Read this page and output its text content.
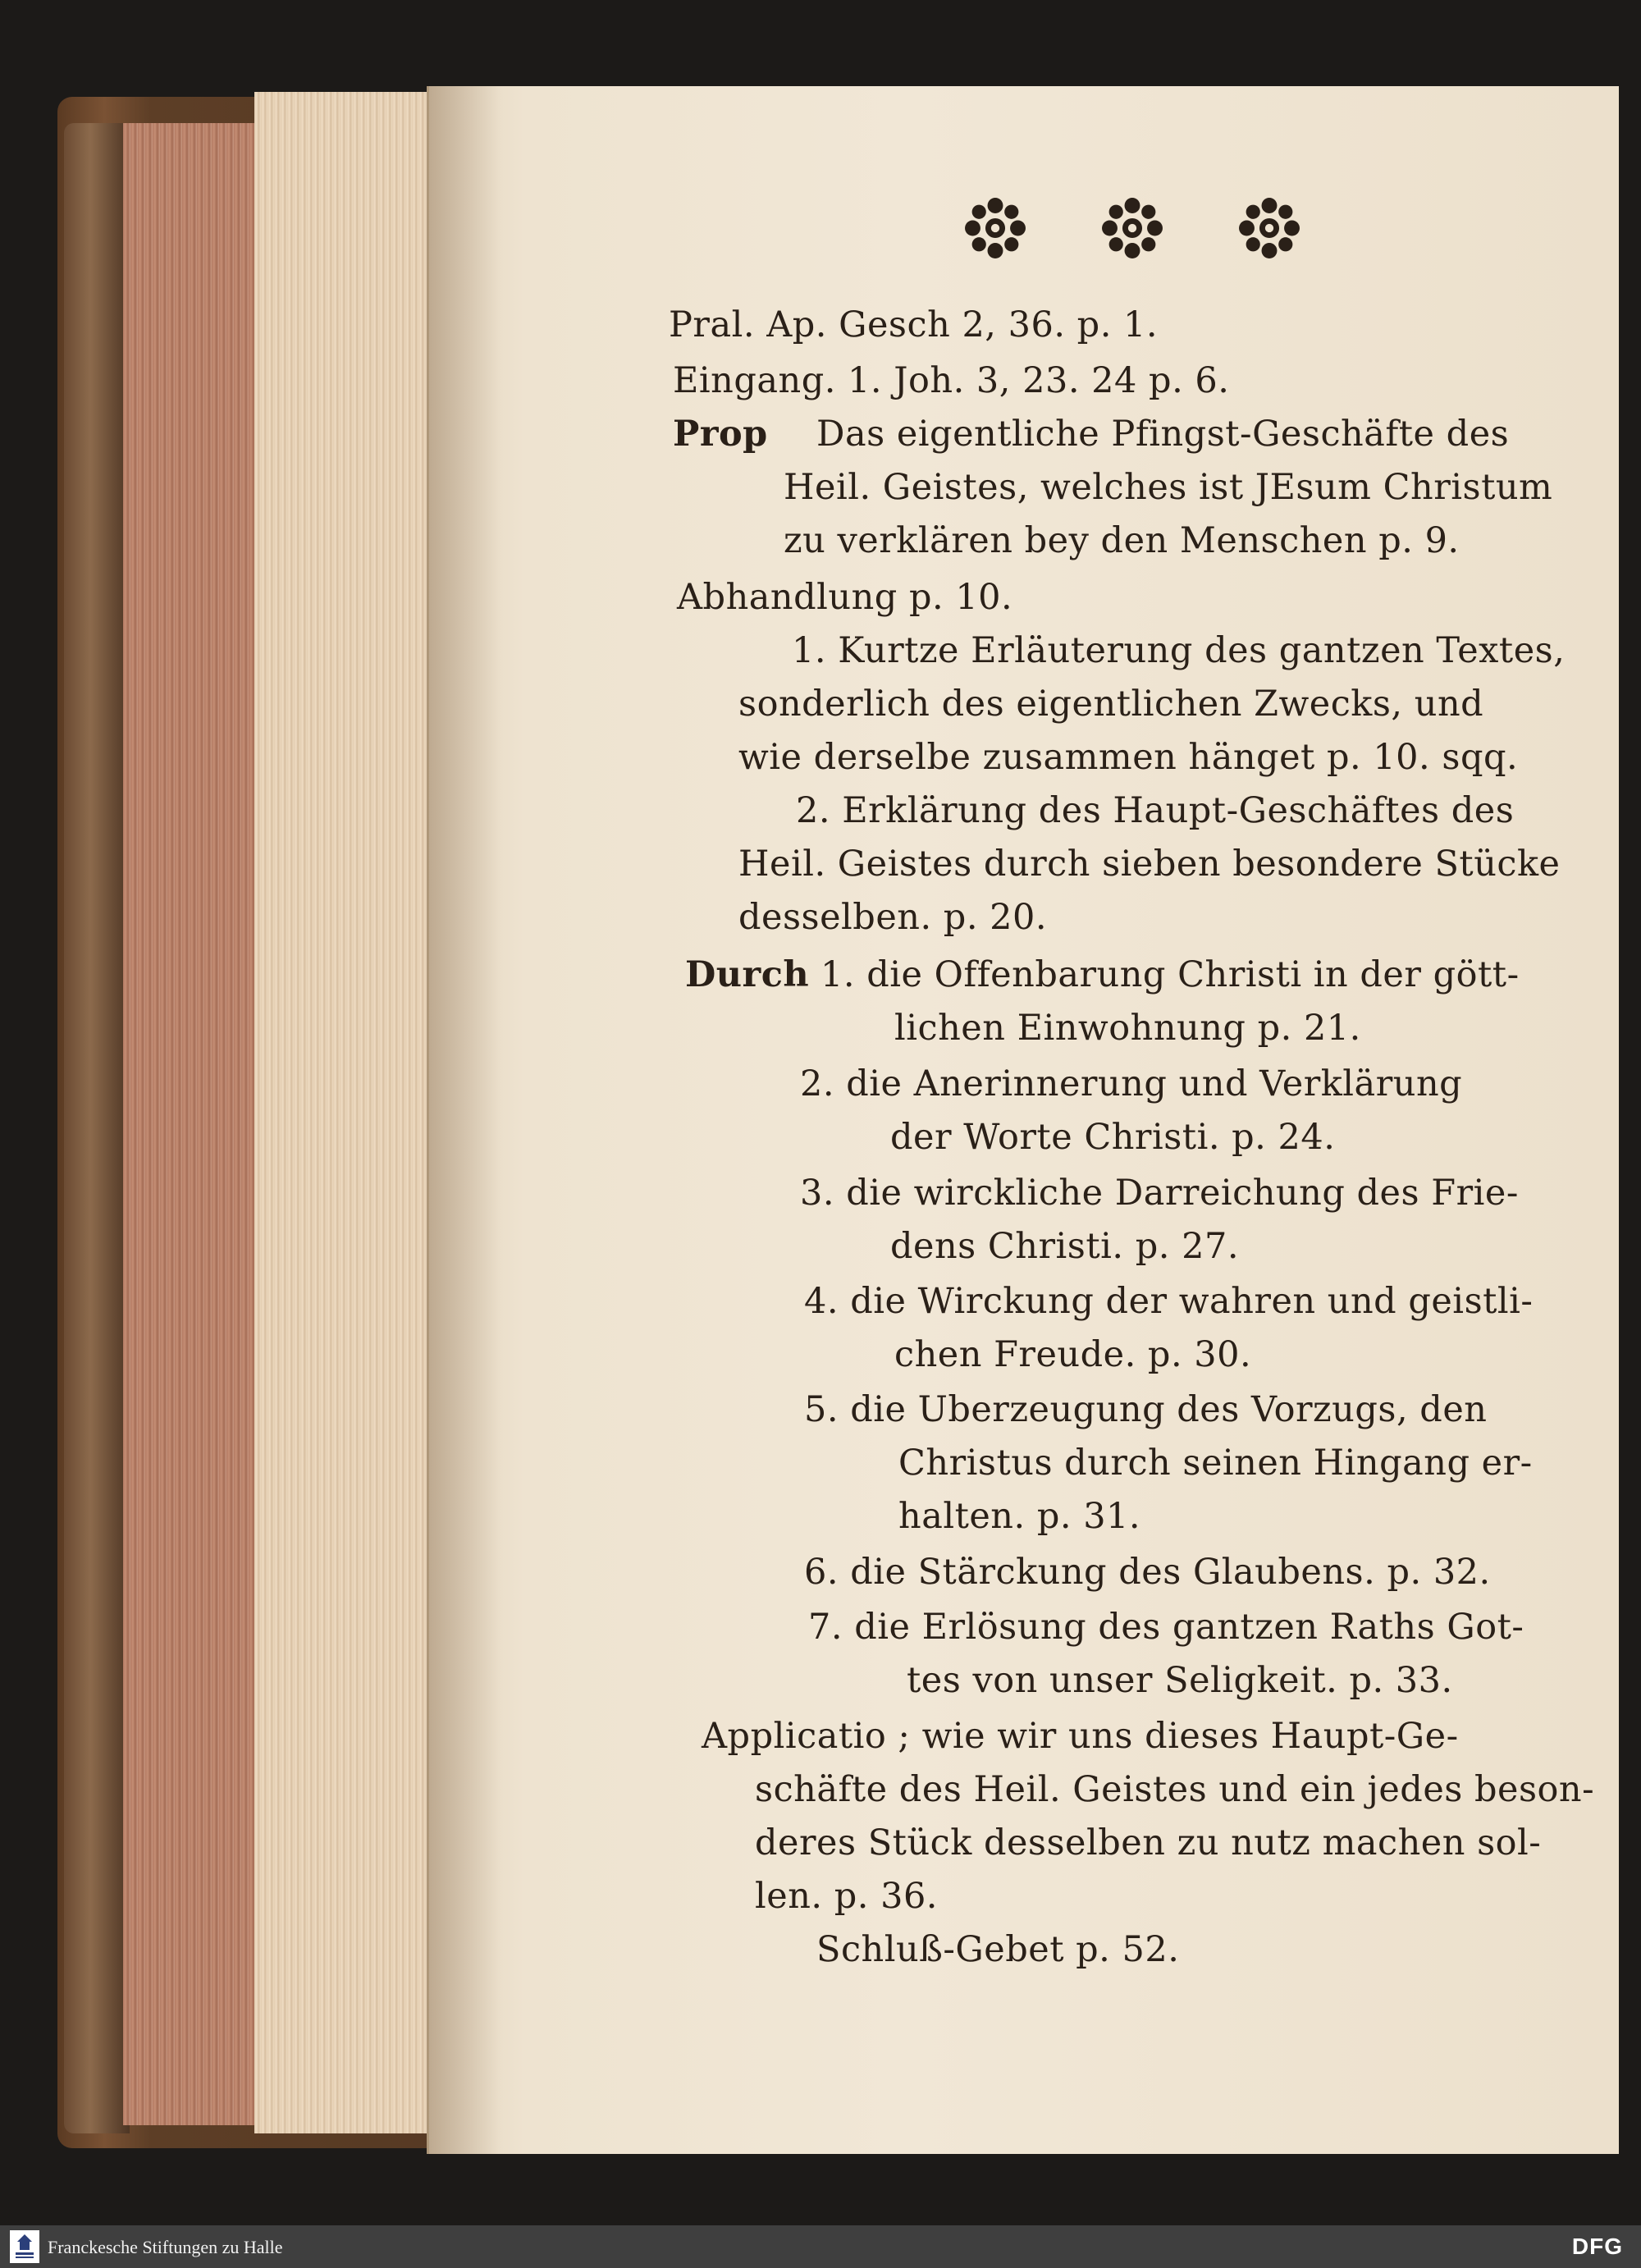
Pral. Ap. Gesch 2, 36. p. 1.
Eingang. 1. Joh. 3, 23. 24 p. 6.
Prop Das eigentliche Pfingst-Geschäfte des
Heil. Geistes, welches ist JEsum Christum
zu verklären bey den Menschen p. 9.
Abhandlung p. 10.
1. Kurtze Erläuterung des gantzen Textes,
sonderlich des eigentlichen Zwecks, und
wie derselbe zusammen hänget p. 10. sqq.
2. Erklärung des Haupt-Geschäftes des
Heil. Geistes durch sieben besondere Stücke
desselben. p. 20.
Durch 1. die Offenbarung Christi in der gött-
lichen Einwohnung p. 21.
2. die Anerinnerung und Verklärung
der Worte Christi. p. 24.
3. die wirckliche Darreichung des Frie-
dens Christi. p. 27.
4. die Wirckung der wahren und geistli-
chen Freude. p. 30.
5. die Uberzeugung des Vorzugs, den
Christus durch seinen Hingang er-
halten. p. 31.
6. die Stärckung des Glaubens. p. 32.
7. die Erlösung des gantzen Raths Got-
tes von unser Seligkeit. p. 33.
Applicatio ; wie wir uns dieses Haupt-Ge-
schäfte des Heil. Geistes und ein jedes beson-
deres Stück desselben zu nutz machen sol-
len. p. 36.
Schluß-Gebet p. 52.
Franckesche Stiftungen zu Halle	DFG
